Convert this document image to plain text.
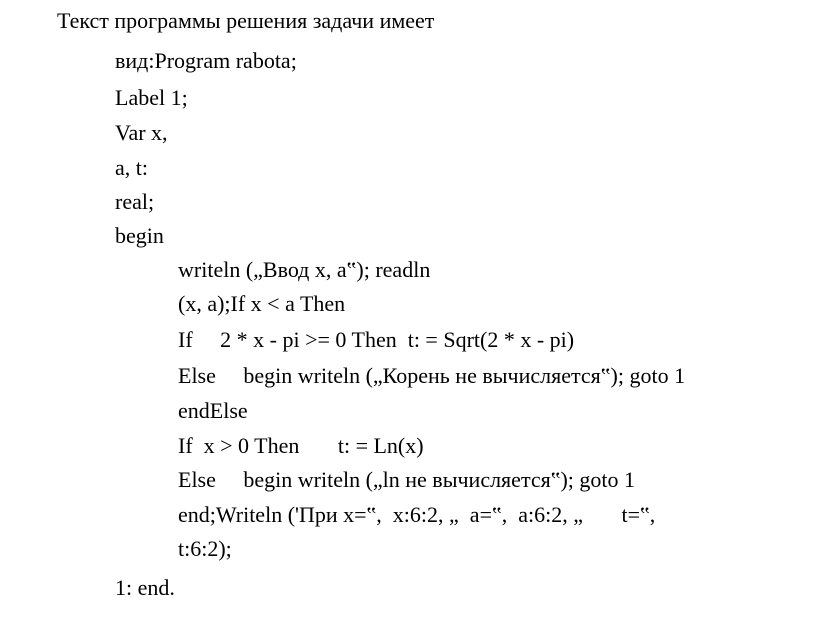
Текст программы решения задачи имеет
вид:Program rabota;
Label 1;
Var x,
a, t:
real;
begin
writeln („Ввод x, a‟); readln
(x, a);If x < a Then
If     2 * x - pi >= 0 Then  t: = Sqrt(2 * x - pi)
Else     begin writeln („Корень не вычисляется‟); goto 1
endElse
If  x > 0 Then       t: = Ln(x)
Else     begin writeln („ln не вычисляется‟); goto 1
end;Writeln ('При x=‟,  x:6:2, „  a=‟,  a:6:2, „       t=‟,
t:6:2);
1: end.
